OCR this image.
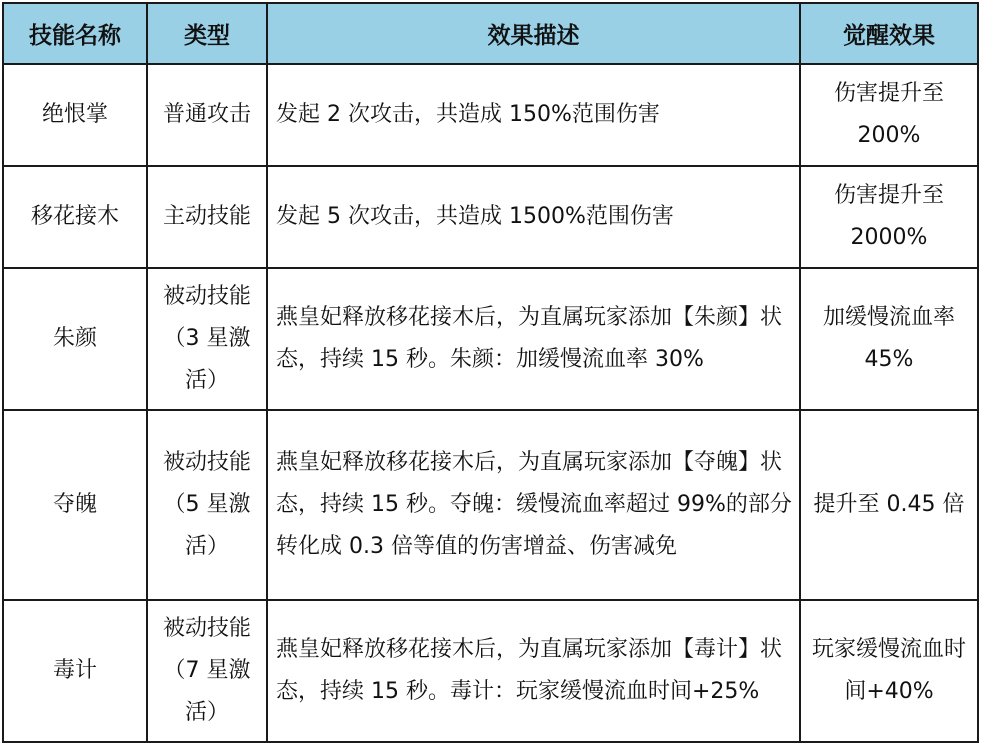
技能名称	类型	效果描述	觉醒效果
绝恨掌	普通攻击	发起 2 次攻击，共造成 150%范围伤害	伤害提升至 200%

移花接木	主动技能	发起 5 次攻击，共造成 1500%范围伤害	伤害提升至 2000%

朱颜	被动技能（3 星激活）	燕皇妃释放移花接木后，为直属玩家添加【朱颜】状态，持续 15 秒。朱颜：加缓慢流血率 30%	加缓慢流血率 45%

夺魄	被动技能（5 星激活）	燕皇妃释放移花接木后，为直属玩家添加【夺魄】状态，持续 15 秒。夺魄：缓慢流血率超过 99%的部分转化成 0.3 倍等值的伤害增益、伤害减免	提升至 0.45 倍

毒计	被动技能（7 星激活）	燕皇妃释放移花接木后，为直属玩家添加【毒计】状态，持续 15 秒。毒计：玩家缓慢流血时间+25%	玩家缓慢流血时间+40%
